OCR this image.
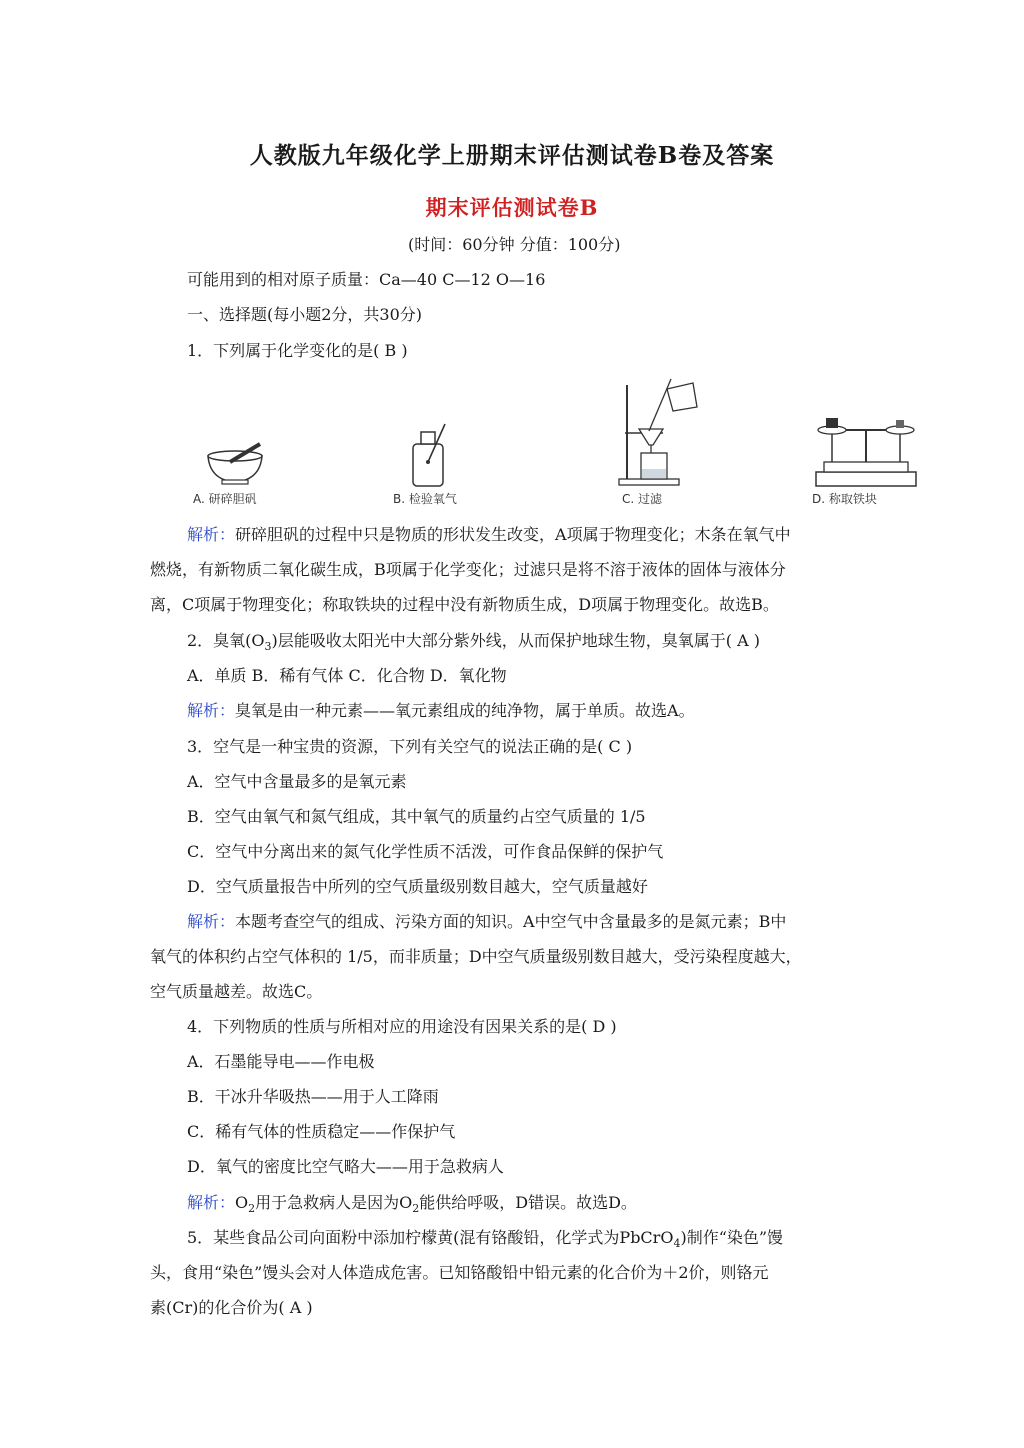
人教版九年级化学上册期末评估测试卷B卷及答案
期末评估测试卷B
(时间：60分钟 分值：100分)
可能用到的相对原子质量：Ca—40 C—12 O—16
一、选择题(每小题2分，共30分)
1．下列属于化学变化的是( B )
A. 研碎胆矾	B. 检验氧气	C. 过滤	D. 称取铁块
解析：研碎胆矾的过程中只是物质的形状发生改变，A项属于物理变化；木条在氧气中
燃烧，有新物质二氧化碳生成，B项属于化学变化；过滤只是将不溶于液体的固体与液体分
离，C项属于物理变化；称取铁块的过程中没有新物质生成，D项属于物理变化。故选B。
2．臭氧$(O_3)$层能吸收太阳光中大部分紫外线，从而保护地球生物，臭氧属于( A )
A．单质 B．稀有气体 C．化合物 D．氧化物
解析：臭氧是由一种元素——氧元素组成的纯净物，属于单质。故选A。
3．空气是一种宝贵的资源，下列有关空气的说法正确的是( C )
A．空气中含量最多的是氧元素
B．空气由氧气和氮气组成，其中氧气的质量约占空气质量的 1/5
C．空气中分离出来的氮气化学性质不活泼，可作食品保鲜的保护气
D．空气质量报告中所列的空气质量级别数目越大，空气质量越好
解析：本题考查空气的组成、污染方面的知识。A中空气中含量最多的是氮元素；B中
氧气的体积约占空气体积的 1/5，而非质量；D中空气质量级别数目越大，受污染程度越大，
空气质量越差。故选C。
4．下列物质的性质与所相对应的用途没有因果关系的是( D )
A．石墨能导电——作电极
B．干冰升华吸热——用于人工降雨
C．稀有气体的性质稳定——作保护气
D．氧气的密度比空气略大——用于急救病人
解析：$O_2$用于急救病人是因为$O_2$能供给呼吸，D错误。故选D。
5．某些食品公司向面粉中添加柠檬黄(混有铬酸铅，化学式为PbCrO$_4$)制作“染色”馒
头，食用“染色”馒头会对人体造成危害。已知铬酸铅中铅元素的化合价为＋2价，则铬元
素(Cr)的化合价为( A )
